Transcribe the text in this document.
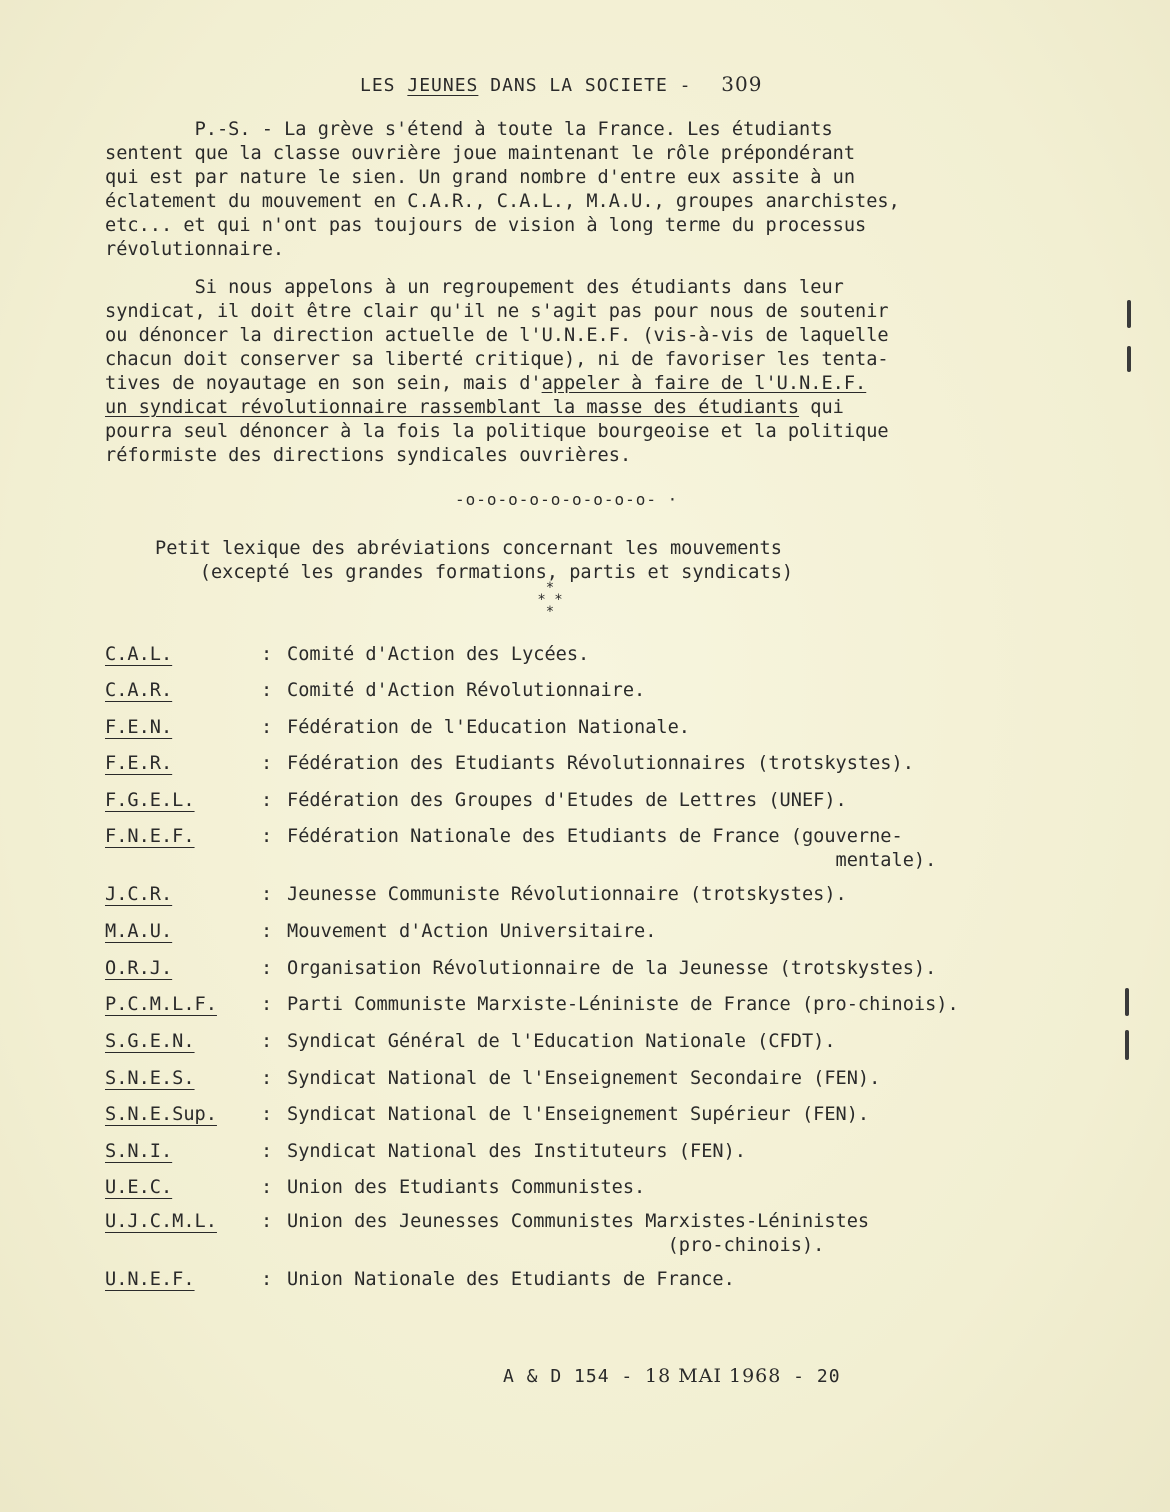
LES JEUNES DANS LA SOCIETE - 309

P.-S. - La grève s'étend à toute la France. Les étudiants
sentent que la classe ouvrière joue maintenant le rôle prépondérant
qui est par nature le sien. Un grand nombre d'entre eux assite à un
éclatement du mouvement en C.A.R., C.A.L., M.A.U., groupes anarchistes,
etc... et qui n'ont pas toujours de vision à long terme du processus
révolutionnaire.

Si nous appelons à un regroupement des étudiants dans leur
syndicat, il doit être clair qu'il ne s'agit pas pour nous de soutenir
ou dénoncer la direction actuelle de l'U.N.E.F. (vis-à-vis de laquelle
chacun doit conserver sa liberté critique), ni de favoriser les tenta-
tives de noyautage en son sein, mais d'appeler à faire de l'U.N.E.F.
un syndicat révolutionnaire rassemblant la masse des étudiants qui
pourra seul dénoncer à la fois la politique bourgeoise et la politique
réformiste des directions syndicales ouvrières.

-o-o-o-o-o-o-o-o-o- ·

Petit lexique des abréviations concernant les mouvements
(excepté les grandes formations, partis et syndicats)

*
* *
*
C.A.L.	: Comité d'Action des Lycées.
C.A.R.	: Comité d'Action Révolutionnaire.
F.E.N.	: Fédération de l'Education Nationale.
F.E.R.	: Fédération des Etudiants Révolutionnaires (trotskystes).
F.G.E.L.	: Fédération des Groupes d'Etudes de Lettres (UNEF).
F.N.E.F.	: Fédération Nationale des Etudiants de France (gouverne-
mentale).
J.C.R.	: Jeunesse Communiste Révolutionnaire (trotskystes).
M.A.U.	: Mouvement d'Action Universitaire.
O.R.J.	: Organisation Révolutionnaire de la Jeunesse (trotskystes).
P.C.M.L.F. : Parti Communiste Marxiste-Léniniste de France (pro-chinois).
S.G.E.N.	: Syndicat Général de l'Education Nationale (CFDT).
S.N.E.S.	: Syndicat National de l'Enseignement Secondaire (FEN).
S.N.E.Sup. : Syndicat National de l'Enseignement Supérieur (FEN).
S.N.I.	: Syndicat National des Instituteurs (FEN).
U.E.C.	: Union des Etudiants Communistes.
U.J.C.M.L. : Union des Jeunesses Communistes Marxistes-Léninistes
(pro-chinois).
U.N.E.F.	: Union Nationale des Etudiants de France.
A & D 154 - 18 MAI 1968 - 20
